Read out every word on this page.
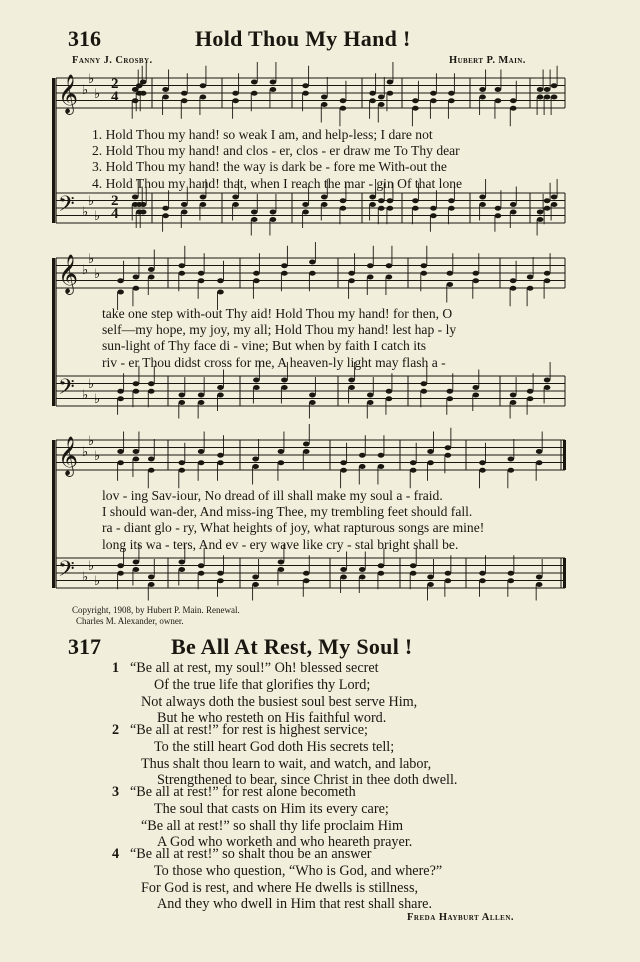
316	Hold Thou My Hand !
Fanny J. Crosby.	Hubert P. Main.
𝄞
𝄢
♭
♭
♭
♭
♭
♭
𝄞
𝄢
♭
♭
♭
♭
♭
♭
𝄞
𝄢
♭
♭
♭
♭
♭
♭
2
4
2
4
1. Hold Thou my hand! so weak I am, and help-less; I dare not
2. Hold Thou my hand! and clos - er, clos - er draw me To Thy dear
3. Hold Thou my hand! the way is dark be - fore me With-out the
4. Hold Thou my hand! that, when I reach the mar - gin Of that lone
take one step with-out Thy aid! Hold Thou my hand! for then, O
self—my hope, my joy, my all; Hold Thou my hand! lest hap - ly
sun-light of Thy face di - vine; But when by faith I catch its
riv - er Thou didst cross for me, A heaven-ly light may flash a -
lov - ing Sav-iour, No dread of ill shall make my soul a - fraid.
I should wan-der, And miss-ing Thee, my trembling feet should fall.
ra - diant glo - ry, What heights of joy, what rapturous songs are mine!
long its wa - ters, And ev - ery wave like cry - stal bright shall be.
Copyright, 1908, by Hubert P. Main. Renewal.
Charles M. Alexander, owner.
317	Be All At Rest, My Soul !
1 “Be all at rest, my soul!” Oh! blessed secret
Of the true life that glorifies thy Lord;
Not always doth the busiest soul best serve Him,
But he who resteth on His faithful word.
2 “Be all at rest!” for rest is highest service;
To the still heart God doth His secrets tell;
Thus shalt thou learn to wait, and watch, and labor,
Strengthened to bear, since Christ in thee doth dwell.
3 “Be all at rest!” for rest alone becometh
The soul that casts on Him its every care;
“Be all at rest!” so shall thy life proclaim Him
A God who worketh and who heareth prayer.
4 “Be all at rest!” so shalt thou be an answer
To those who question, “Who is God, and where?”
For God is rest, and where He dwells is stillness,
And they who dwell in Him that rest shall share.
Freda Hayburt Allen.
